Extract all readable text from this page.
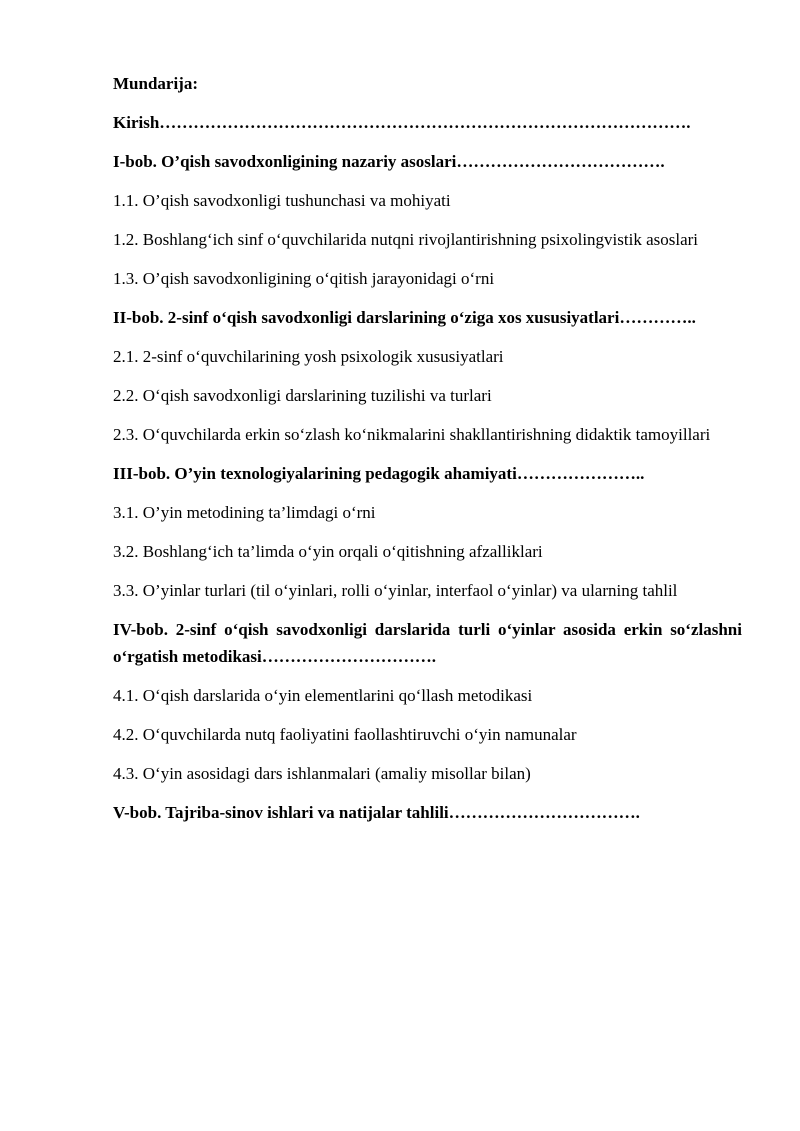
Mundarija:
Kirish………………………………………………………………………………….
I-bob. O’qish savodxonligining nazariy asoslari……………………………….
1.1. O’qish savodxonligi tushunchasi va mohiyati
1.2. Boshlang‘ich sinf o‘quvchilarida nutqni rivojlantirishning psixolingvistik asoslari
1.3. O’qish savodxonligining o‘qitish jarayonidagi o‘rni
II-bob. 2-sinf o‘qish savodxonligi darslarining o‘ziga xos xususiyatlari…………..
2.1. 2-sinf o‘quvchilarining yosh psixologik xususiyatlari
2.2. O‘qish savodxonligi darslarining tuzilishi va turlari
2.3. O‘quvchilarda erkin so‘zlash ko‘nikmalarini shakllantirishning didaktik tamoyillari
III-bob. O’yin texnologiyalarining pedagogik ahamiyati…………………..
3.1. O’yin metodining ta’limdagi o‘rni
3.2. Boshlang‘ich ta’limda o‘yin orqali o‘qitishning afzalliklari
3.3. O’yinlar turlari (til o‘yinlari, rolli o‘yinlar, interfaol o‘yinlar) va ularning tahlil
IV-bob. 2-sinf o‘qish savodxonligi darslarida turli o‘yinlar asosida erkin so‘zlashni o‘rgatish metodikasi………………………….
4.1. O‘qish darslarida o‘yin elementlarini qo‘llash metodikasi
4.2. O‘quvchilarda nutq faoliyatini faollashtiruvchi o‘yin namunalar
4.3. O‘yin asosidagi dars ishlanmalari (amaliy misollar bilan)
V-bob. Tajriba-sinov ishlari va natijalar tahlili…………………………….
